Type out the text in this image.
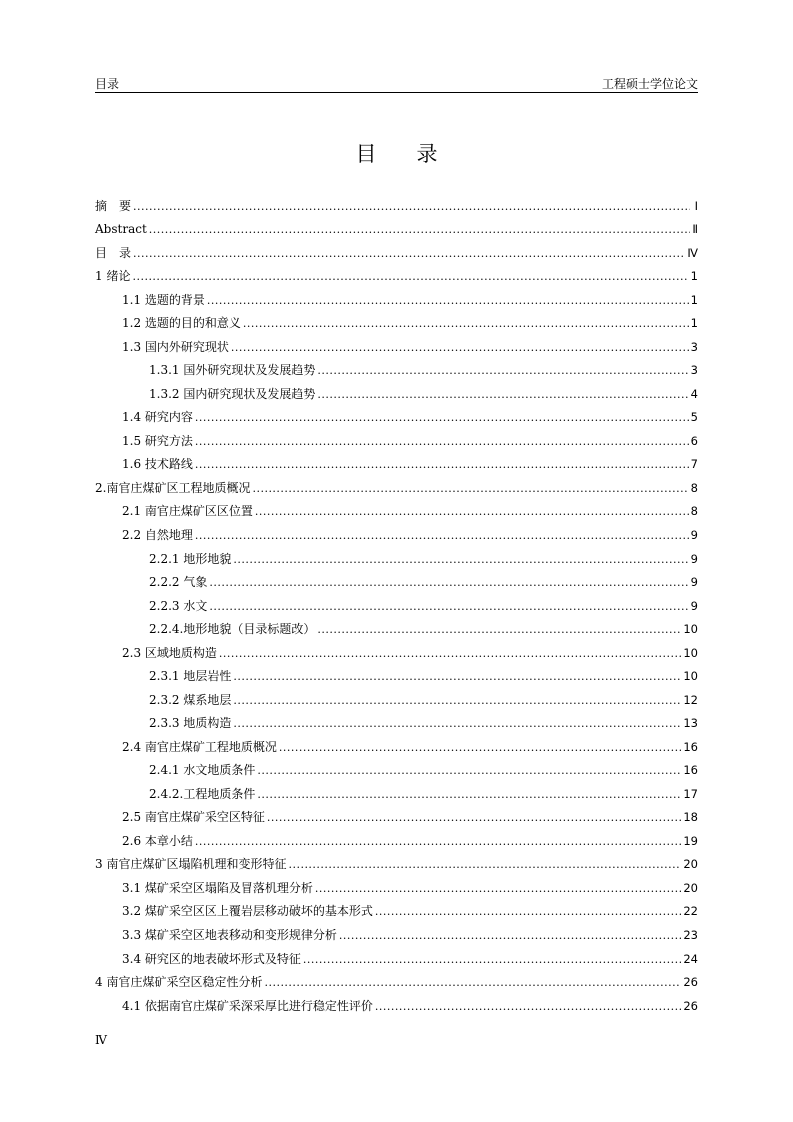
目录	工程硕士学位论文
目 录
摘　要 .....	I
Abstract .....	Ⅱ
目　录 .....	Ⅳ
1 绪论 .....	1
1.1 选题的背景 .....	1
1.2 选题的目的和意义 .....	1
1.3 国内外研究现状 .....	3
1.3.1 国外研究现状及发展趋势 .....	3
1.3.2 国内研究现状及发展趋势 .....	4
1.4 研究内容 .....	5
1.5 研究方法 .....	6
1.6 技术路线 .....	7
2.南官庄煤矿区工程地质概况 .....	8
2.1 南官庄煤矿区区位置 .....	8
2.2 自然地理 .....	9
2.2.1 地形地貌 .....	9
2.2.2 气象 .....	9
2.2.3 水文 .....	9
2.2.4.地形地貌（目录标题改） .....	10
2.3 区域地质构造 .....	10
2.3.1 地层岩性 .....	10
2.3.2 煤系地层 .....	12
2.3.3 地质构造 .....	13
2.4 南官庄煤矿工程地质概况 .....	16
2.4.1 水文地质条件 .....	16
2.4.2.工程地质条件 .....	17
2.5 南官庄煤矿采空区特征 .....	18
2.6 本章小结 .....	19
3 南官庄煤矿区塌陷机理和变形特征 .....	20
3.1 煤矿采空区塌陷及冒落机理分析 .....	20
3.2 煤矿采空区区上覆岩层移动破坏的基本形式 .....	22
3.3 煤矿采空区地表移动和变形规律分析 .....	23
3.4 研究区的地表破坏形式及特征 .....	24
4 南官庄煤矿采空区稳定性分析 .....	26
4.1 依据南官庄煤矿采深采厚比进行稳定性评价 .....	26
Ⅳ
